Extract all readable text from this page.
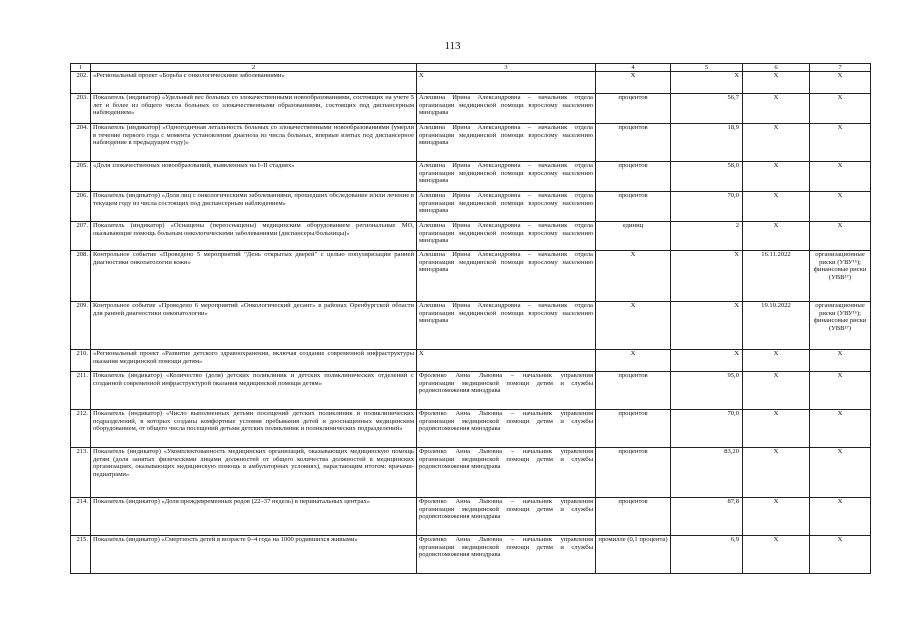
113
1	2	3	4	5	6	7
202.	«Региональный проект «Борьба с онкологическими заболеваниями»	Х	Х	Х	Х	Х
203.	Показатель (индикатор) «Удельный вес больных со злокачественными новообразованиями, состоящих на учете 5 лет и более из общего числа больных со злокачественными образованиями, состоящих под диспансерным наблюдением»	Алешина Ирина Александровна – начальник отдела организации медицинской помощи взрослому населению минздрава	процентов	56,7	Х	Х
204.	Показатель (индикатор) «Одногодичная летальность больных со злокачественными новообразованиями (умерли в течение первого года с момента установления диагноза из числа больных, впервые взятых под диспансерное наблюдение в предыдущем году)»	Алешина Ирина Александровна – начальник отдела организации медицинской помощи взрослому населению минздрава	процентов	18,9	Х	Х
205.	«Доля злокачественных новообразований, выявленных на I–II стадиях»	Алешина Ирина Александровна – начальник отдела организации медицинской помощи взрослому населению минздрава	процентов	58,0	Х	Х
206.	Показатель (индикатор) «Доля лиц с онкологическими заболеваниями, прошедших обследование и/или лечение в текущем году из числа состоящих под диспансерным наблюдением»	Алешина Ирина Александровна – начальник отдела организации медицинской помощи взрослому населению минздрава	процентов	70,0	Х	Х
207.	Показатель (индикатор) «Оснащены (переоснащены) медицинским оборудованием региональные МО, оказывающие помощь больным онкологическими заболеваниями (диспансеры/больницы)»	Алешина Ирина Александровна – начальник отдела организации медицинской помощи взрослому населению минздрава	единиц	2	Х	Х
208.	Контрольное событие «Проведено 5 мероприятий "День открытых дверей" с целью популяризации ранней диагностики онкопатологии кожи»	Алешина Ирина Александровна – начальник отдела организации медицинской помощи взрослому населению минздрава	Х	Х	16.11.2022	организационные риски (УВУ¹⁶); финансовые риски (УВВ¹⁷)
209.	Контрольное событие «Проведено 6 мероприятий «Онкологический десант» в районах Оренбургской области для ранней диагностики онкопатологии»	Алешина Ирина Александровна – начальник отдела организации медицинской помощи взрослому населению минздрава	Х	Х	19.10.2022	организационные риски (УВУ¹⁶); финансовые риски (УВВ¹⁷)
210.	«Региональный проект «Развитие детского здравоохранения, включая создание современной инфраструктуры оказания медицинской помощи детям»	Х	Х	Х	Х	Х
211.	Показатель (индикатор) «Количество (доля) детских поликлиник и детских поликлинических отделений с созданной современной инфраструктурой оказания медицинской помощи детям»	Фроленко Анна Львовна – начальник управления организации медицинской помощи детям и службы родовспоможения минздрава	процентов	95,0	Х	Х
212.	Показатель (индикатор) «Число выполненных детьми посещений детских поликлиник и поликлинических подразделений, в которых созданы комфортные условия пребывания детей и дооснащенных медицинским оборудованием, от общего числа посещений детьми детских поликлиник и поликлинических подразделений»	Фроленко Анна Львовна – начальник управления организации медицинской помощи детям и службы родовспоможения минздрава	процентов	70,0	Х	Х
213.	Показатель (индикатор) «Укомплектованность медицинских организаций, оказывающих медицинскую помощь детям (доля занятых физическими лицами должностей от общего количества должностей в медицинских организациях, оказывающих медицинскую помощь в амбулаторных условиях), нарастающим итогом: врачами-педиатрами»	Фроленко Анна Львовна – начальник управления организации медицинской помощи детям и службы родовспоможения минздрава	процентов	83,20	Х	Х
214.	Показатель (индикатор) «Доля преждевременных родов (22–37 недель) в перинатальных центрах»	Фроленко Анна Львовна – начальник управления организации медицинской помощи детям и службы родовспоможения минздрава	процентов	87,8	Х	Х
215.	Показатель (индикатор) «Смертность детей в возрасте 0–4 года на 1000 родившихся живыми»	Фроленко Анна Львовна – начальник управления организации медицинской помощи детям и службы родовспоможения минздрава	промилле (0,1 процента)	6,9	Х	Х
